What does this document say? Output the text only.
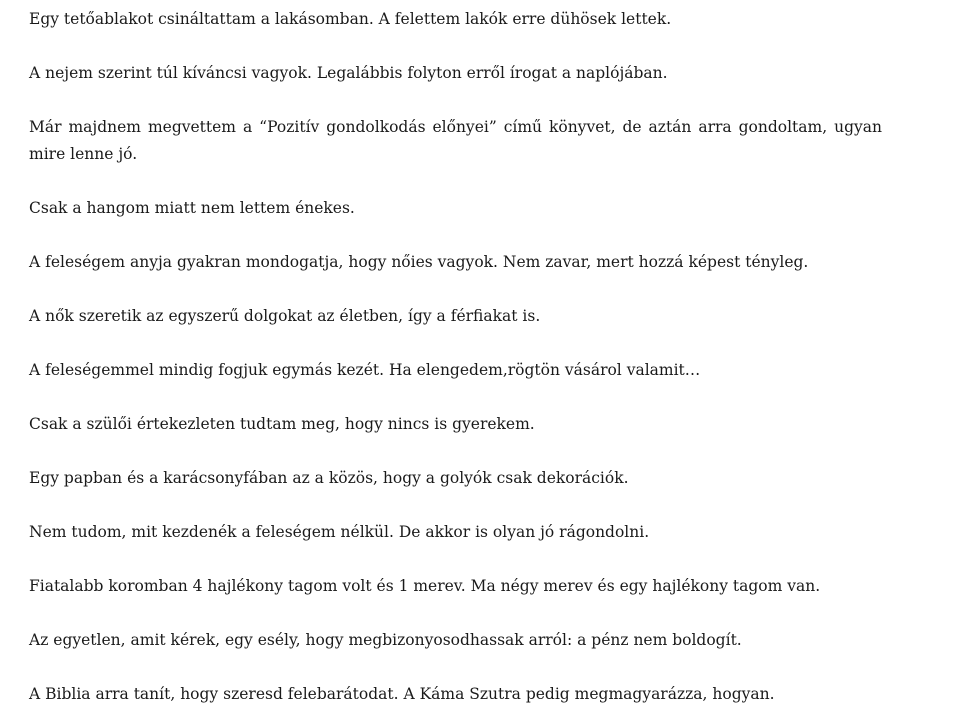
Egy tetőablakot csináltattam a lakásomban. A felettem lakók erre dühösek lettek.

A nejem szerint túl kíváncsi vagyok. Legalábbis folyton erről írogat a naplójában.

Már majdnem megvettem a “Pozitív gondolkodás előnyei” című könyvet, de aztán arra gondoltam, ugyan mire lenne jó.

Csak a hangom miatt nem lettem énekes.

A feleségem anyja gyakran mondogatja, hogy nőies vagyok. Nem zavar, mert hozzá képest tényleg.

A nők szeretik az egyszerű dolgokat az életben, így a férfiakat is.

A feleségemmel mindig fogjuk egymás kezét. Ha elengedem,rögtön vásárol valamit…

Csak a szülői értekezleten tudtam meg, hogy nincs is gyerekem.

Egy papban és a karácsonyfában az a közös, hogy a golyók csak dekorációk.

Nem tudom, mit kezdenék a feleségem nélkül. De akkor is olyan jó rágondolni.

Fiatalabb koromban 4 hajlékony tagom volt és 1 merev. Ma négy merev és egy hajlékony tagom van.

Az egyetlen, amit kérek, egy esély, hogy megbizonyosodhassak arról: a pénz nem boldogít.

A Biblia arra tanít, hogy szeresd felebarátodat. A Káma Szutra pedig megmagyarázza, hogyan.
